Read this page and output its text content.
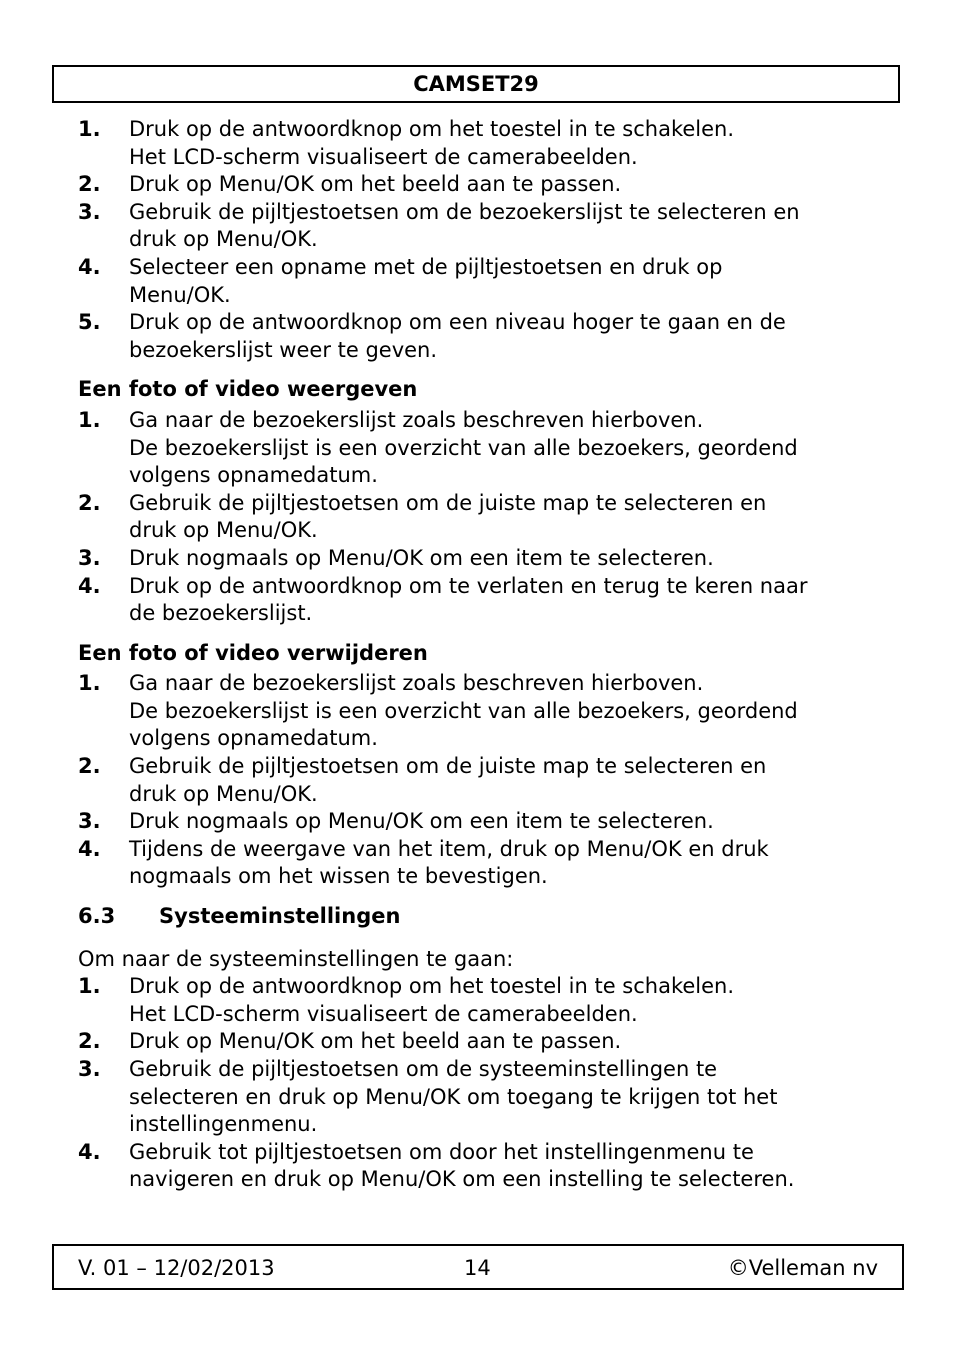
CAMSET29
1.	Druk op de antwoordknop om het toestel in te schakelen.
Het LCD-scherm visualiseert de camerabeelden.
2.	Druk op Menu/OK om het beeld aan te passen.
3.	Gebruik de pijltjestoetsen om de bezoekerslijst te selecteren en
druk op Menu/OK.
4.	Selecteer een opname met de pijltjestoetsen en druk op
Menu/OK.
5.	Druk op de antwoordknop om een niveau hoger te gaan en de
bezoekerslijst weer te geven.
Een foto of video weergeven
1.	Ga naar de bezoekerslijst zoals beschreven hierboven.
De bezoekerslijst is een overzicht van alle bezoekers, geordend
volgens opnamedatum.
2.	Gebruik de pijltjestoetsen om de juiste map te selecteren en
druk op Menu/OK.
3.	Druk nogmaals op Menu/OK om een item te selecteren.
4.	Druk op de antwoordknop om te verlaten en terug te keren naar
de bezoekerslijst.
Een foto of video verwijderen
1.	Ga naar de bezoekerslijst zoals beschreven hierboven.
De bezoekerslijst is een overzicht van alle bezoekers, geordend
volgens opnamedatum.
2.	Gebruik de pijltjestoetsen om de juiste map te selecteren en
druk op Menu/OK.
3.	Druk nogmaals op Menu/OK om een item te selecteren.
4.	Tijdens de weergave van het item, druk op Menu/OK en druk
nogmaals om het wissen te bevestigen.
6.3	Systeeminstellingen
Om naar de systeeminstellingen te gaan:
1.	Druk op de antwoordknop om het toestel in te schakelen.
Het LCD-scherm visualiseert de camerabeelden.
2.	Druk op Menu/OK om het beeld aan te passen.
3.	Gebruik de pijltjestoetsen om de systeeminstellingen te
selecteren en druk op Menu/OK om toegang te krijgen tot het
instellingenmenu.
4.	Gebruik tot pijltjestoetsen om door het instellingenmenu te
navigeren en druk op Menu/OK om een instelling te selecteren.
V. 01 – 12/02/2013	14	©Velleman nv
